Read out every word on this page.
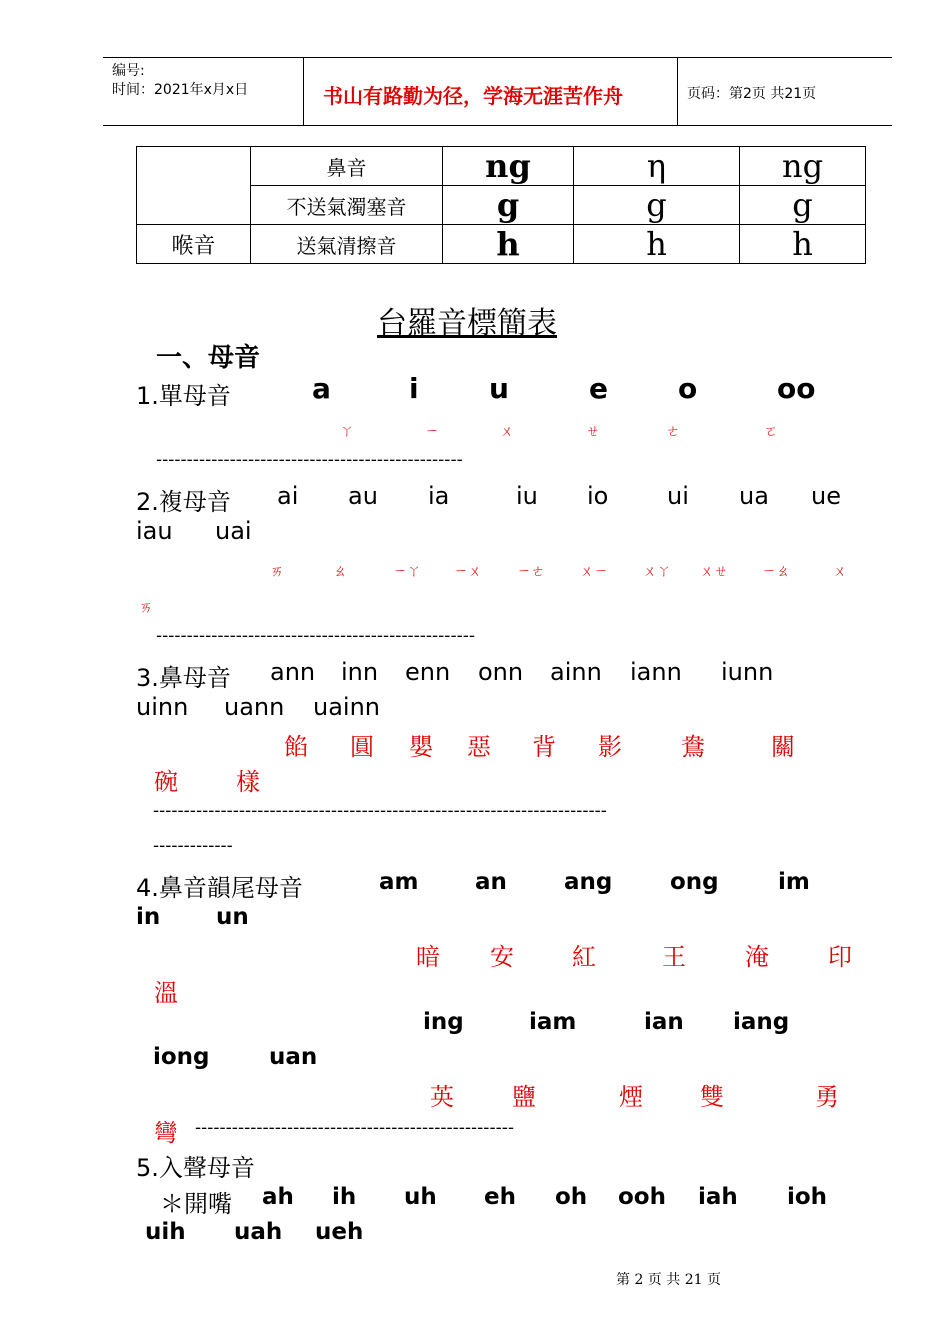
编号:
时间：2021年x月x日	书山有路勤为径，学海无涯苦作舟	页码：第2页 共21页
	鼻音	ng	η	ng
	不送氣濁塞音	g	g	g
喉音	送氣清擦音	h	h	h
台羅音標簡表
一、母音
1.單母音	a	i	u	e	o	oo
ㄚ	ㄧ	ㄨ	ㄝ	ㄜ	ㄛ
--------------------------------------------------
2.複母音 ai au ia	iu io ui ua ue
iau uai
ㄞ	ㄠ	ㄧㄚ ㄧㄨ	ㄧㄜ	ㄨㄧ	ㄨㄚ ㄨㄝ ㄧㄠ	ㄨ
ㄞ
----------------------------------------------------
3.鼻母音 ann inn enn onn ainn iann iunn
uinn uann uainn
餡 圓 嬰 惡 背 影 鴦	關
碗 樣
--------------------------------------------------------------------------
-------------
4.鼻音韻尾母音	am an ang	ong	im
in un
暗 安 紅	王 淹 印
溫
ing	iam	ian iang
iong	uan
英 鹽	煙 雙	勇
彎 ----------------------------------------------------
5.入聲母音
＊開嘴 ah ih uh eh oh ooh iah ioh
uih uah ueh
第 2 页 共 21 页
